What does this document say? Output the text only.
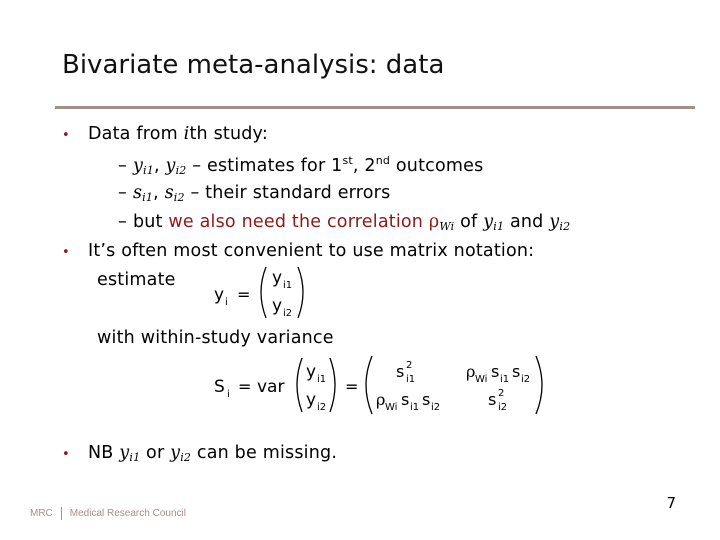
Bivariate meta-analysis: data
• Data from ith study:
– $y_{i1}$, $y_{i2}$ – estimates for 1st, 2nd outcomes
– $s_{i1}$, $s_{i2}$ – their standard errors
– but we also need the correlation $\rho_{Wi}$ of $y_{i1}$ and $y_{i2}$
• It’s often most convenient to use matrix notation:
estimate
y i =
y i1
y i2
with within-study variance
S i = var
y i1
y i2
=
s 2
i1	ρ Wi s i1 s i2
ρ Wi s i1 s i2	s 2
i2
• NB $y_{i1}$ or $y_{i2}$ can be missing.
7
MRC Medical Research Council
